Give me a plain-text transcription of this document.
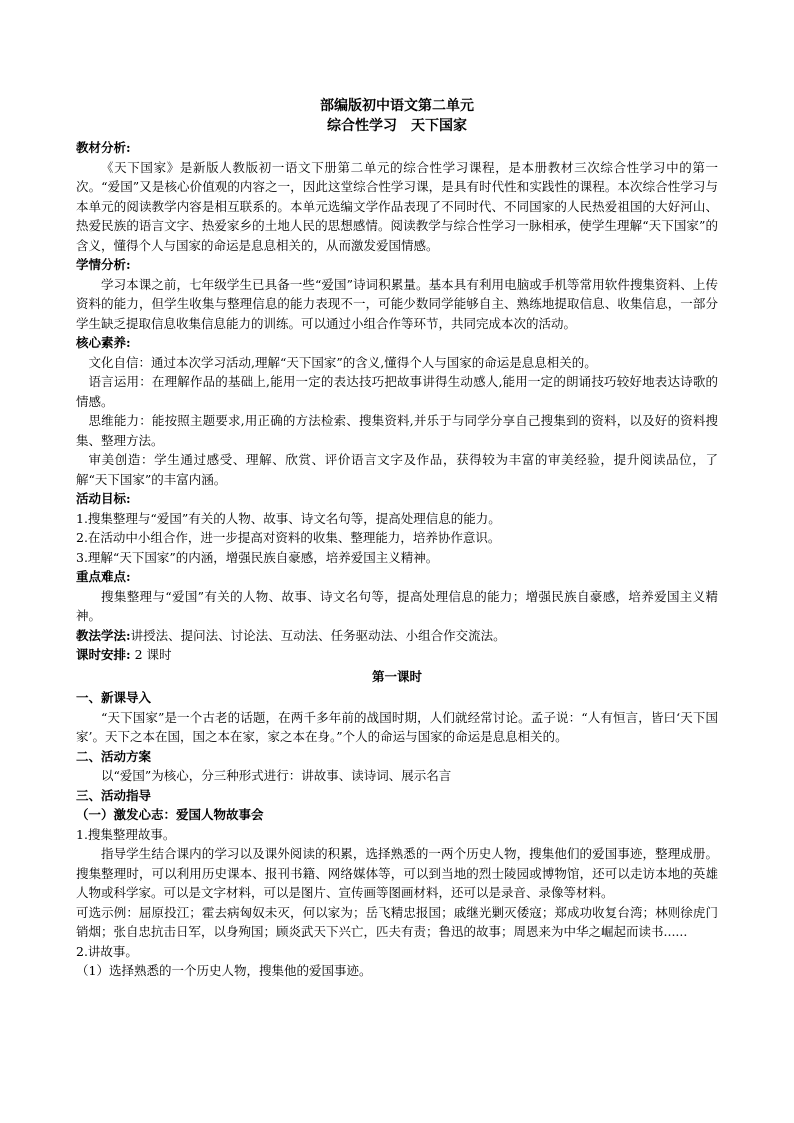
部编版初中语文第二单元

综合性学习　天下国家

教材分析:

《天下国家》是新版人教版初一语文下册第二单元的综合性学习课程，是本册教材三次综合性学习中的第一次。“爱国”又是核心价值观的内容之一，因此这堂综合性学习课，是具有时代性和实践性的课程。本次综合性学习与本单元的阅读教学内容是相互联系的。本单元选编文学作品表现了不同时代、不同国家的人民热爱祖国的大好河山、热爱民族的语言文字、热爱家乡的土地人民的思想感情。阅读教学与综合性学习一脉相承，使学生理解“天下国家”的含义，懂得个人与国家的命运是息息相关的，从而激发爱国情感。

学情分析:

学习本课之前，七年级学生已具备一些“爱国”诗词积累量。基本具有利用电脑或手机等常用软件搜集资料、上传资料的能力，但学生收集与整理信息的能力表现不一，可能少数同学能够自主、熟练地提取信息、收集信息，一部分学生缺乏提取信息收集信息能力的训练。可以通过小组合作等环节，共同完成本次的活动。

核心素养:

文化自信：通过本次学习活动,理解“天下国家”的含义,懂得个人与国家的命运是息息相关的。

语言运用：在理解作品的基础上,能用一定的表达技巧把故事讲得生动感人,能用一定的朗诵技巧较好地表达诗歌的情感。

思维能力：能按照主题要求,用正确的方法检索、搜集资料,并乐于与同学分享自己搜集到的资料，以及好的资料搜集、整理方法。

审美创造：学生通过感受、理解、欣赏、评价语言文字及作品，获得较为丰富的审美经验，提升阅读品位，了解“天下国家”的丰富内涵。

活动目标:

1.搜集整理与“爱国”有关的人物、故事、诗文名句等，提高处理信息的能力。

2.在活动中小组合作，进一步提高对资料的收集、整理能力，培养协作意识。

3.理解“天下国家”的内涵，增强民族自豪感，培养爱国主义精神。

重点难点:

搜集整理与“爱国”有关的人物、故事、诗文名句等，提高处理信息的能力；增强民族自豪感，培养爱国主义精神。

教法学法:讲授法、提问法、讨论法、互动法、任务驱动法、小组合作交流法。

课时安排: 2 课时

第一课时

一、新课导入

“天下国家”是一个古老的话题，在两千多年前的战国时期，人们就经常讨论。孟子说：“人有恒言，皆曰‘天下国家’。天下之本在国，国之本在家，家之本在身。”个人的命运与国家的命运是息息相关的。

二、活动方案

以“爱国”为核心，分三种形式进行：讲故事、读诗词、展示名言

三、活动指导

（一）激发心志：爱国人物故事会

1.搜集整理故事。

指导学生结合课内的学习以及课外阅读的积累，选择熟悉的一两个历史人物，搜集他们的爱国事迹，整理成册。搜集整理时，可以利用历史课本、报刊书籍、网络媒体等，可以到当地的烈士陵园或博物馆，还可以走访本地的英雄人物或科学家。可以是文字材料，可以是图片、宣传画等图画材料，还可以是录音、录像等材料。

可选示例：屈原投江；霍去病匈奴未灭，何以家为；岳飞精忠报国；戚继光剿灭倭寇；郑成功收复台湾；林则徐虎门销烟；张自忠抗击日军，以身殉国；顾炎武天下兴亡，匹夫有责；鲁迅的故事；周恩来为中华之崛起而读书......

2.讲故事。

（1）选择熟悉的一个历史人物，搜集他的爱国事迹。
